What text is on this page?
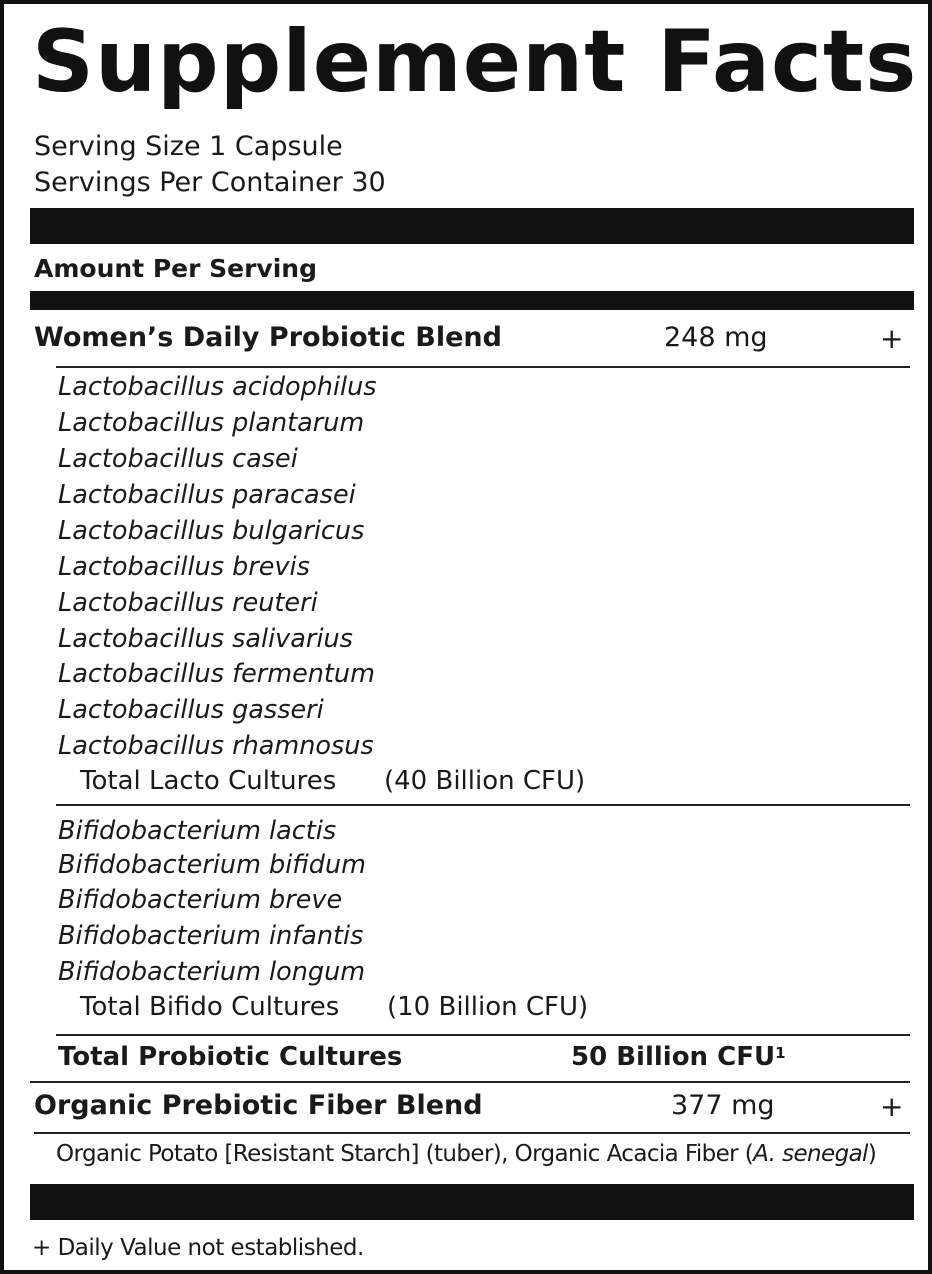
Supplement Facts
Serving Size 1 Capsule
Servings Per Container 30
Amount Per Serving
Women’s Daily Probiotic Blend	248 mg	+
Lactobacillus acidophilus
Lactobacillus plantarum
Lactobacillus casei
Lactobacillus paracasei
Lactobacillus bulgaricus
Lactobacillus brevis
Lactobacillus reuteri
Lactobacillus salivarius
Lactobacillus fermentum
Lactobacillus gasseri
Lactobacillus rhamnosus
Total Lacto Cultures (40 Billion CFU)
Bifidobacterium lactis
Bifidobacterium bifidum
Bifidobacterium breve
Bifidobacterium infantis
Bifidobacterium longum
Total Bifido Cultures (10 Billion CFU)
Total Probiotic Cultures	50 Billion CFU$^1$
Organic Prebiotic Fiber Blend	377 mg	+
Organic Potato [Resistant Starch] (tuber), Organic Acacia Fiber (A. senegal)
+ Daily Value not established.
